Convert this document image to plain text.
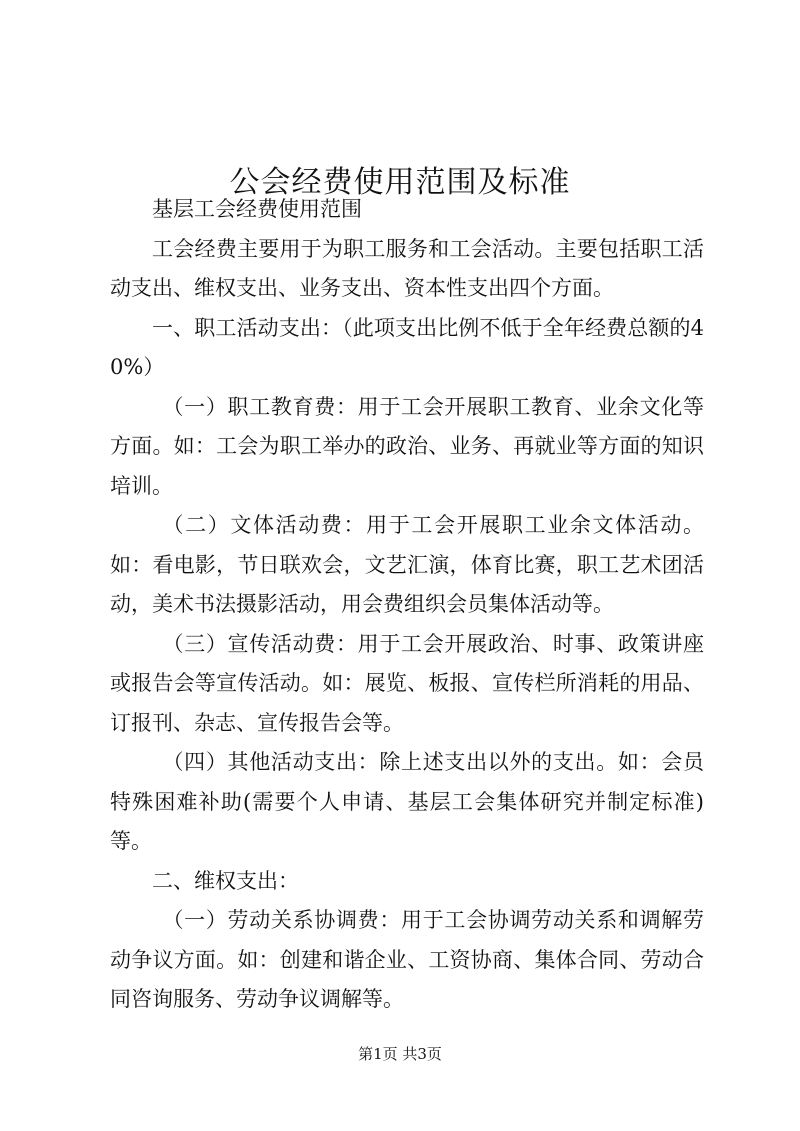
公会经费使用范围及标准

基层工会经费使用范围

工会经费主要用于为职工服务和工会活动。主要包括职工活动支出、维权支出、业务支出、资本性支出四个方面。

一、职工活动支出：（此项支出比例不低于全年经费总额的40%）

（一）职工教育费：用于工会开展职工教育、业余文化等方面。如：工会为职工举办的政治、业务、再就业等方面的知识培训。

（二）文体活动费：用于工会开展职工业余文体活动。如：看电影，节日联欢会，文艺汇演，体育比赛，职工艺术团活动，美术书法摄影活动，用会费组织会员集体活动等。

（三）宣传活动费：用于工会开展政治、时事、政策讲座或报告会等宣传活动。如：展览、板报、宣传栏所消耗的用品、订报刊、杂志、宣传报告会等。

（四）其他活动支出：除上述支出以外的支出。如：会员特殊困难补助(需要个人申请、基层工会集体研究并制定标准)等。

二、维权支出：

（一）劳动关系协调费：用于工会协调劳动关系和调解劳动争议方面。如：创建和谐企业、工资协商、集体合同、劳动合同咨询服务、劳动争议调解等。

第1页 共3页
